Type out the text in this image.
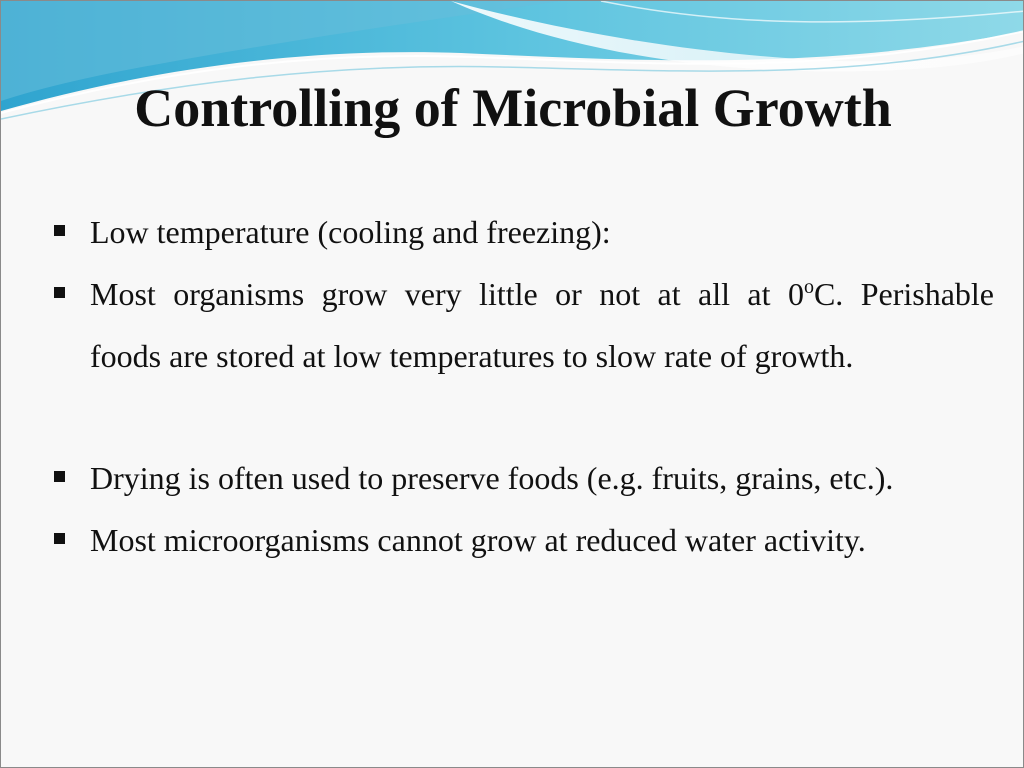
Controlling of Microbial Growth
Low temperature (cooling and freezing):
Most organisms grow very little or not at all at 0$^o$C. Perishable
foods are stored at low temperatures to slow rate of growth.
Drying is often used to preserve foods (e.g. fruits, grains, etc.).
Most microorganisms cannot grow at reduced water activity.
